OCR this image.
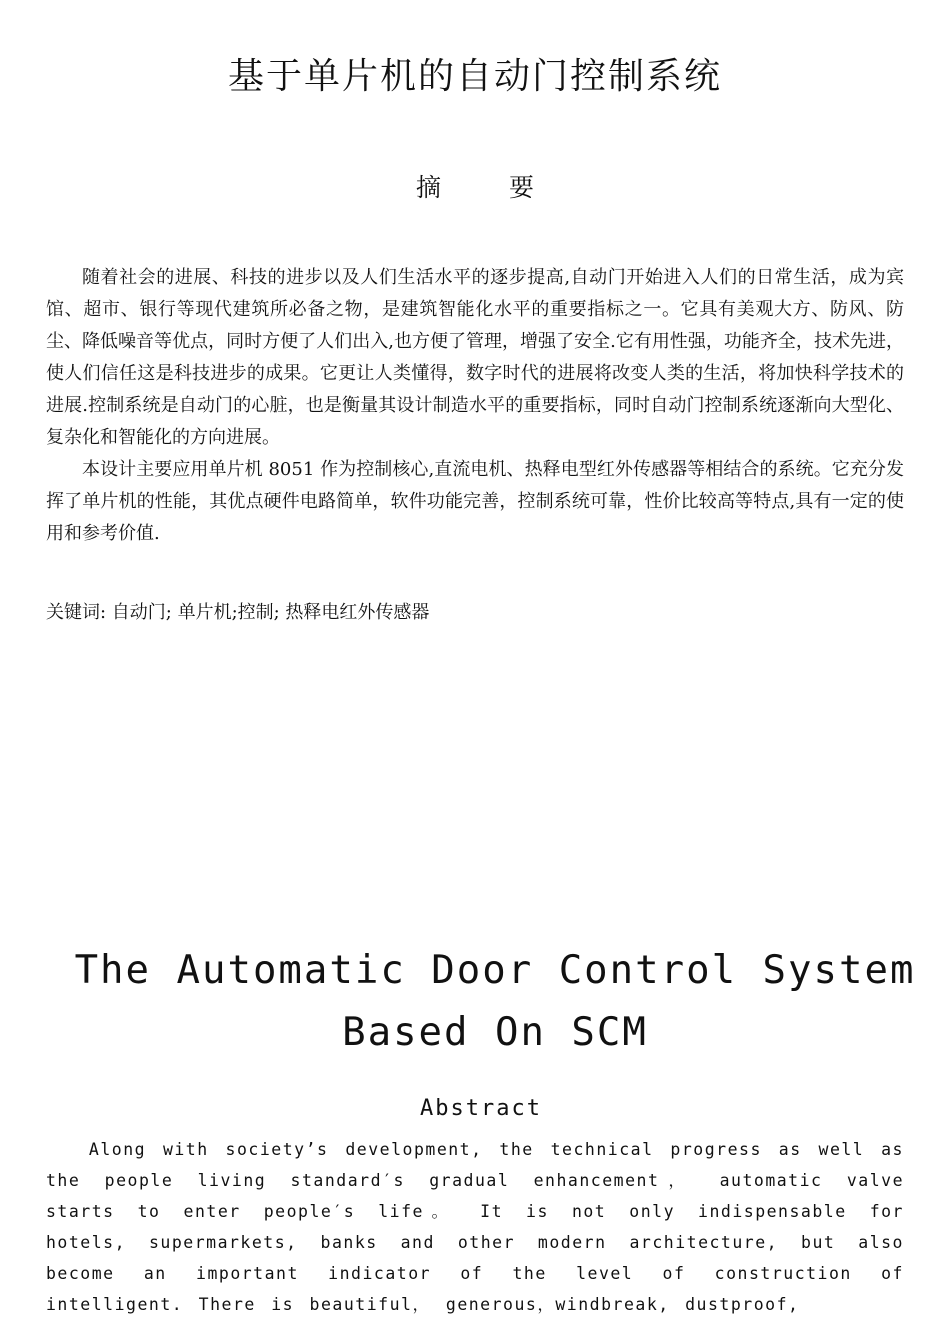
基于单片机的自动门控制系统
摘 要

随着社会的进展、科技的进步以及人们生活水平的逐步提高,自动门开始进入人们的日常生活，成为宾馆、超市、银行等现代建筑所必备之物，是建筑智能化水平的重要指标之一。它具有美观大方、防风、防尘、降低噪音等优点，同时方便了人们出入,也方便了管理，增强了安全.它有用性强，功能齐全，技术先进，使人们信任这是科技进步的成果。它更让人类懂得，数字时代的进展将改变人类的生活，将加快科学技术的进展.控制系统是自动门的心脏，也是衡量其设计制造水平的重要指标，同时自动门控制系统逐渐向大型化、复杂化和智能化的方向进展。

本设计主要应用单片机 8051 作为控制核心,直流电机、热释电型红外传感器等相结合的系统。它充分发挥了单片机的性能，其优点硬件电路简单，软件功能完善，控制系统可靠，性价比较高等特点,具有一定的使用和参考价值.

关键词: 自动门; 单片机;控制; 热释电红外传感器

The Automatic Door Control System
Based On SCM
Abstract

Along with society’s development, the technical progress as well as the people living standard′s gradual enhancement， automatic valve starts to enter people′s life。 It is not only indispensable for hotels, supermarkets, banks and other modern architecture, but also become an important indicator of the level of construction of intelligent. There is beautiful， generous，windbreak, dustproof,
